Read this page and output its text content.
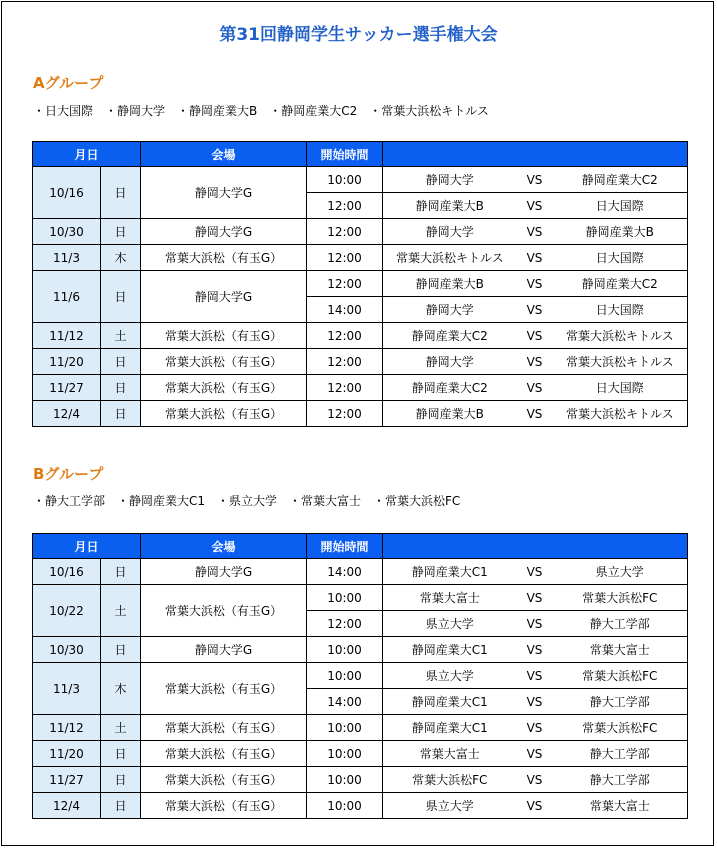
第31回静岡学生サッカー選手権大会
Aグループ
・日大国際　・静岡大学　・静岡産業大B　・静岡産業大C2　・常葉大浜松キトルス
月日		会場	開始時間			
10/16	日	静岡大学G	10:00	静岡大学	VS	静岡産業大C2
			12:00	静岡産業大B	VS	日大国際
10/30	日	静岡大学G	12:00	静岡大学	VS	静岡産業大B
11/3	木	常葉大浜松（有玉G）	12:00	常葉大浜松キトルス	VS	日大国際
11/6	日	静岡大学G	12:00	静岡産業大B	VS	静岡産業大C2
			14:00	静岡大学	VS	日大国際
11/12	土	常葉大浜松（有玉G）	12:00	静岡産業大C2	VS	常葉大浜松キトルス
11/20	日	常葉大浜松（有玉G）	12:00	静岡大学	VS	常葉大浜松キトルス
11/27	日	常葉大浜松（有玉G）	12:00	静岡産業大C2	VS	日大国際
12/4	日	常葉大浜松（有玉G）	12:00	静岡産業大B	VS	常葉大浜松キトルス
Bグループ
・静大工学部　・静岡産業大C1　・県立大学　・常葉大富士　・常葉大浜松FC
月日		会場	開始時間			
10/16	日	静岡大学G	14:00	静岡産業大C1	VS	県立大学
10/22	土	常葉大浜松（有玉G）	10:00	常葉大富士	VS	常葉大浜松FC
			12:00	県立大学	VS	静大工学部
10/30	日	静岡大学G	10:00	静岡産業大C1	VS	常葉大富士
11/3	木	常葉大浜松（有玉G）	10:00	県立大学	VS	常葉大浜松FC
			14:00	静岡産業大C1	VS	静大工学部
11/12	土	常葉大浜松（有玉G）	10:00	静岡産業大C1	VS	常葉大浜松FC
11/20	日	常葉大浜松（有玉G）	10:00	常葉大富士	VS	静大工学部
11/27	日	常葉大浜松（有玉G）	10:00	常葉大浜松FC	VS	静大工学部
12/4	日	常葉大浜松（有玉G）	10:00	県立大学	VS	常葉大富士
